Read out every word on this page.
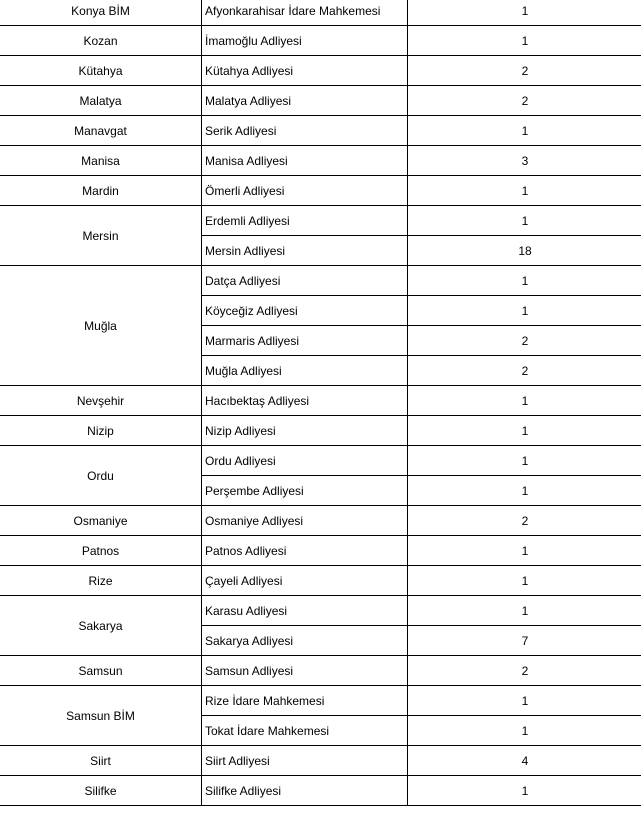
Konya BİM	Afyonkarahisar İdare Mahkemesi	1
Kozan	İmamoğlu Adliyesi	1
Kütahya	Kütahya Adliyesi	2
Malatya	Malatya Adliyesi	2
Manavgat	Serik Adliyesi	1
Manisa	Manisa Adliyesi	3
Mardin	Ömerli Adliyesi	1
Mersin	Erdemli Adliyesi	1
	Mersin Adliyesi	18
Muğla	Datça Adliyesi	1
	Köyceğiz Adliyesi	1
	Marmaris Adliyesi	2
	Muğla Adliyesi	2
Nevşehir	Hacıbektaş Adliyesi	1
Nizip	Nizip Adliyesi	1
Ordu	Ordu Adliyesi	1
	Perşembe Adliyesi	1
Osmaniye	Osmaniye Adliyesi	2
Patnos	Patnos Adliyesi	1
Rize	Çayeli Adliyesi	1
Sakarya	Karasu Adliyesi	1
	Sakarya Adliyesi	7
Samsun	Samsun Adliyesi	2
Samsun BİM	Rize İdare Mahkemesi	1
	Tokat İdare Mahkemesi	1
Siirt	Siirt Adliyesi	4
Silifke	Silifke Adliyesi	1
